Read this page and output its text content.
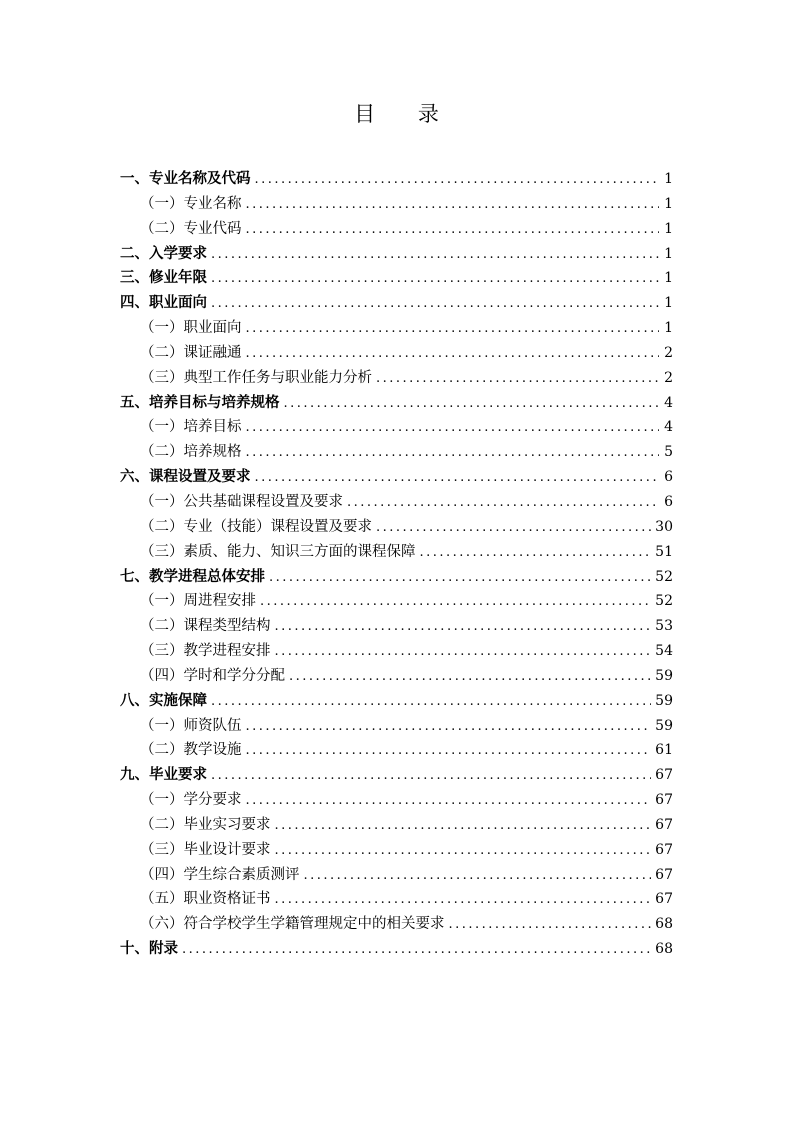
目 录
一、专业名称及代码 .....	1
（一）专业名称 .....	1
（二）专业代码 .....	1
二、入学要求 .....	1
三、修业年限 .....	1
四、职业面向 .....	1
（一）职业面向 .....	1
（二）课证融通 .....	2
（三）典型工作任务与职业能力分析 .....	2
五、培养目标与培养规格 .....	4
（一）培养目标 .....	4
（二）培养规格 .....	5
六、课程设置及要求 .....	6
（一）公共基础课程设置及要求 .....	6
（二）专业（技能）课程设置及要求 .....	30
（三）素质、能力、知识三方面的课程保障 .....	51
七、教学进程总体安排 .....	52
（一）周进程安排 .....	52
（二）课程类型结构 .....	53
（三）教学进程安排 .....	54
（四）学时和学分分配 .....	59
八、实施保障 .....	59
（一）师资队伍 .....	59
（二）教学设施 .....	61
九、毕业要求 .....	67
（一）学分要求 .....	67
（二）毕业实习要求 .....	67
（三）毕业设计要求 .....	67
（四）学生综合素质测评 .....	67
（五）职业资格证书 .....	67
（六）符合学校学生学籍管理规定中的相关要求 .....	68
十、附录 .....	68
